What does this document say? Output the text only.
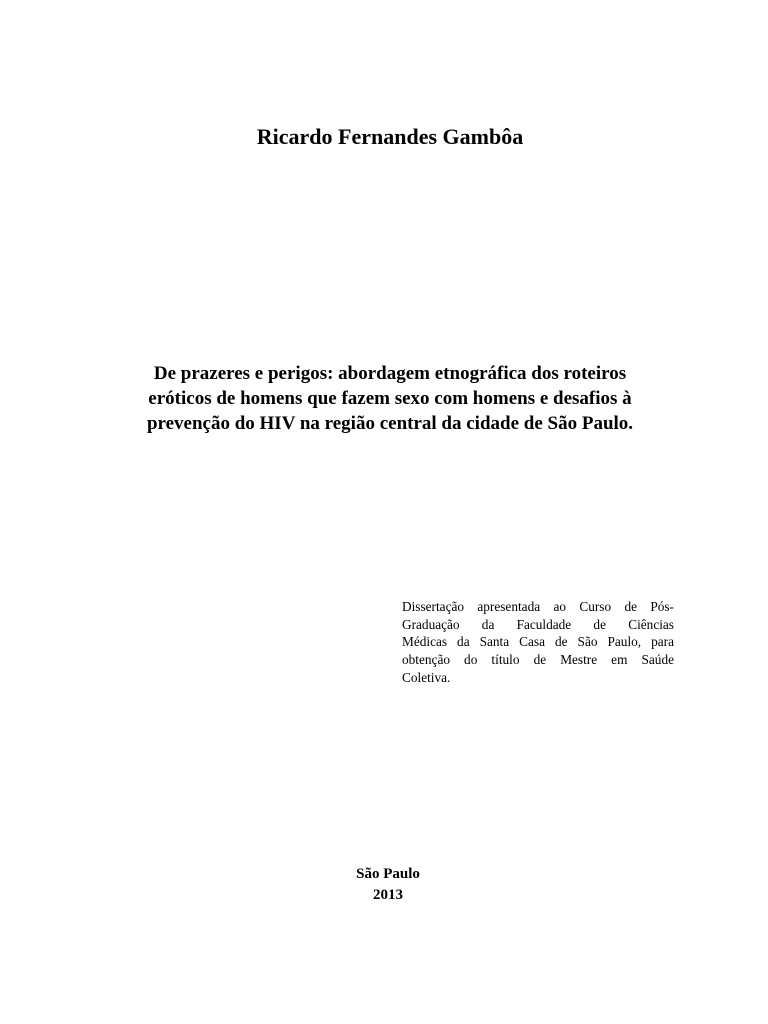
Ricardo Fernandes Gambôa
De prazeres e perigos: abordagem etnográfica dos roteiros
eróticos de homens que fazem sexo com homens e desafios à
prevenção do HIV na região central da cidade de São Paulo.
Dissertação apresentada ao Curso de Pós-
Graduação da Faculdade de Ciências
Médicas da Santa Casa de São Paulo, para
obtenção do título de Mestre em Saúde
Coletiva.
São Paulo
2013
